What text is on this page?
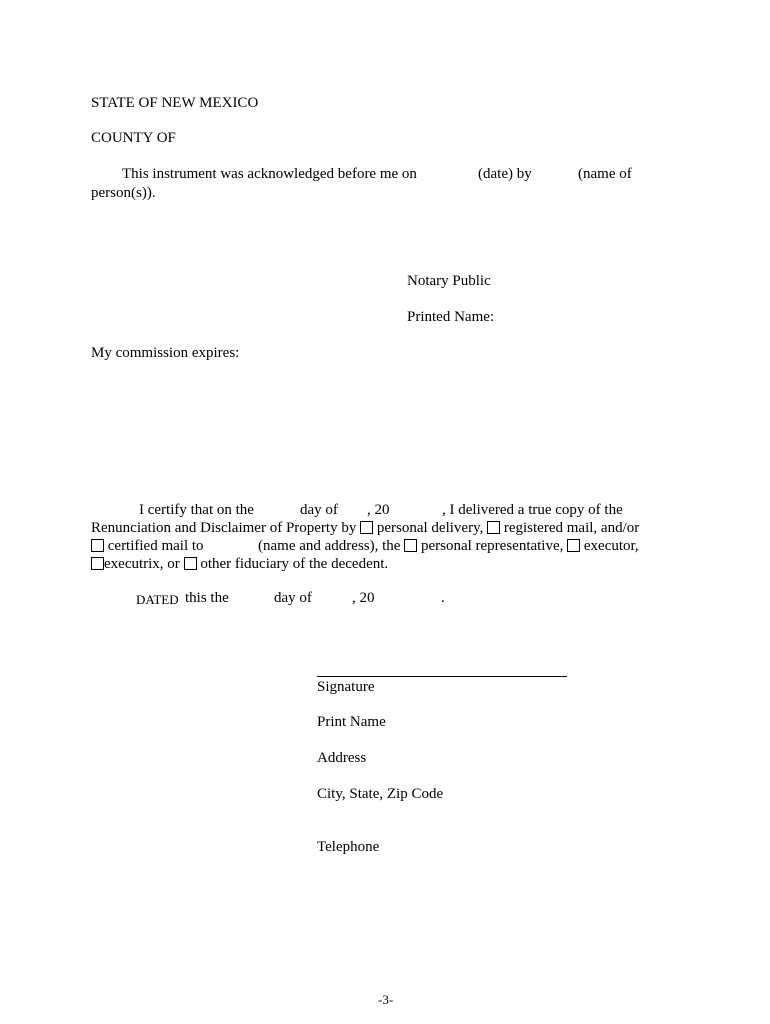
STATE OF NEW MEXICO
COUNTY OF
This instrument was acknowledged before me on	(date) by	(name of
person(s)).
Notary Public
Printed Name:
My commission expires:
I certify that on the	day of , 20	, I delivered a true copy of the
Renunciation and Disclaimer of Property by personal delivery, registered mail, and/or
certified mail to	(name and address), the personal representative, executor,
executrix, or other fiduciary of the decedent.
DATED this the	day of	, 20	.
Signature
Print Name
Address
City, State, Zip Code
Telephone
-3-
